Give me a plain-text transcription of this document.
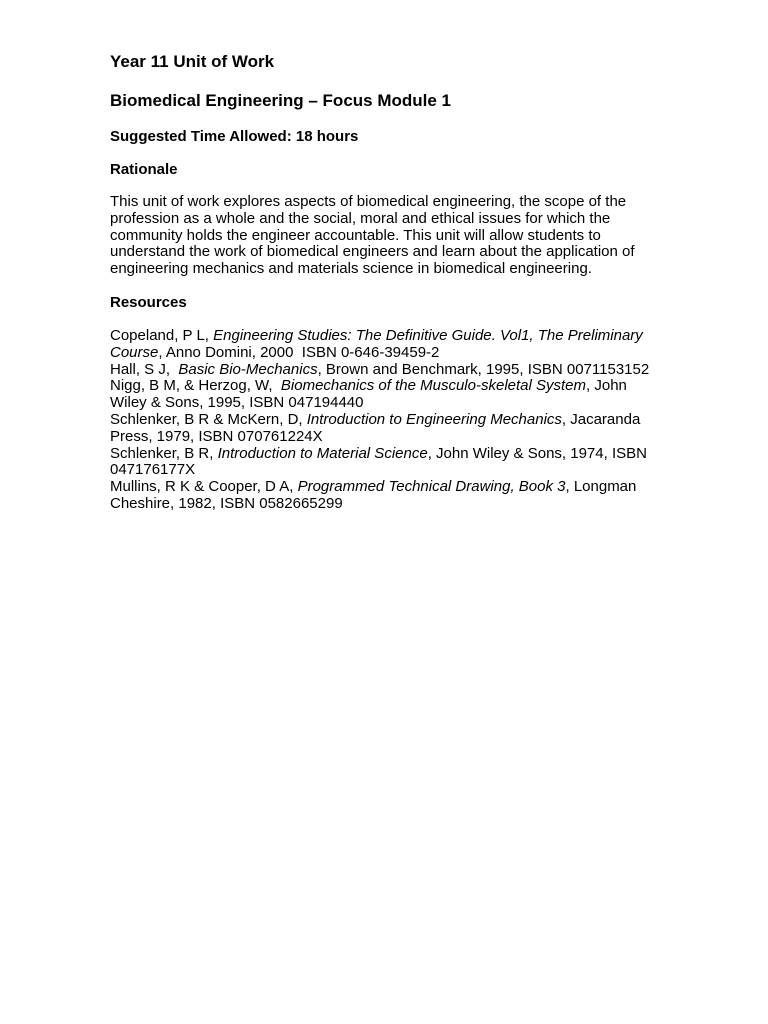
Year 11 Unit of Work
Biomedical Engineering – Focus Module 1
Suggested Time Allowed: 18 hours
Rationale
This unit of work explores aspects of biomedical engineering, the scope of the profession as a whole and the social, moral and ethical issues for which the community holds the engineer accountable. This unit will allow students to understand the work of biomedical engineers and learn about the application of engineering mechanics and materials science in biomedical engineering.
Resources
Copeland, P L, Engineering Studies: The Definitive Guide. Vol1, The Preliminary Course, Anno Domini, 2000  ISBN 0-646-39459-2
Hall, S J,  Basic Bio-Mechanics, Brown and Benchmark, 1995, ISBN 0071153152
Nigg, B M, & Herzog, W,  Biomechanics of the Musculo-skeletal System, John Wiley & Sons, 1995, ISBN 047194440
Schlenker, B R & McKern, D, Introduction to Engineering Mechanics, Jacaranda Press, 1979, ISBN 070761224X
Schlenker, B R, Introduction to Material Science, John Wiley & Sons, 1974, ISBN 047176177X
Mullins, R K & Cooper, D A, Programmed Technical Drawing, Book 3, Longman Cheshire, 1982, ISBN 0582665299
